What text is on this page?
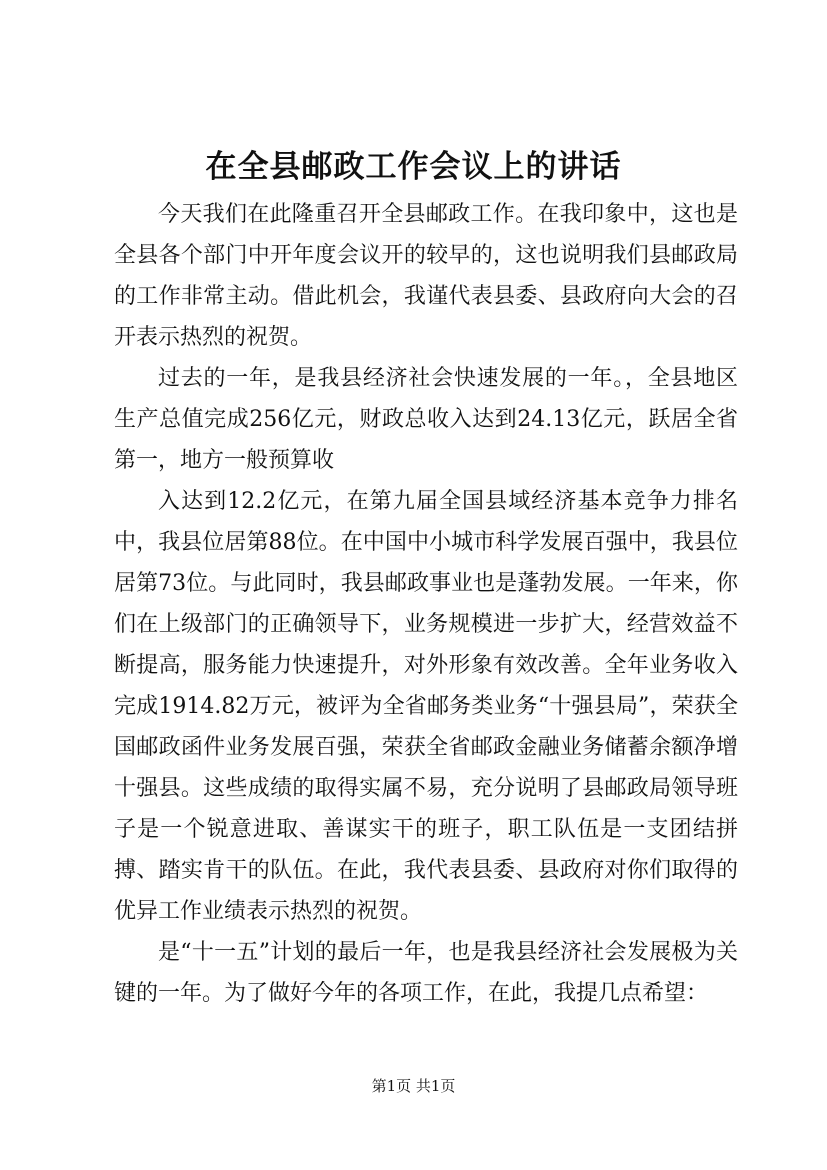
在全县邮政工作会议上的讲话

今天我们在此隆重召开全县邮政工作。在我印象中，这也是全县各个部门中开年度会议开的较早的，这也说明我们县邮政局的工作非常主动。借此机会，我谨代表县委、县政府向大会的召开表示热烈的祝贺。

过去的一年，是我县经济社会快速发展的一年。，全县地区生产总值完成256亿元，财政总收入达到24.13亿元，跃居全省第一，地方一般预算收

入达到12.2亿元，在第九届全国县域经济基本竞争力排名中，我县位居第88位。在中国中小城市科学发展百强中，我县位居第73位。与此同时，我县邮政事业也是蓬勃发展。一年来，你们在上级部门的正确领导下，业务规模进一步扩大，经营效益不断提高，服务能力快速提升，对外形象有效改善。全年业务收入完成1914.82万元，被评为全省邮务类业务“十强县局”，荣获全国邮政函件业务发展百强，荣获全省邮政金融业务储蓄余额净增十强县。这些成绩的取得实属不易，充分说明了县邮政局领导班子是一个锐意进取、善谋实干的班子，职工队伍是一支团结拼搏、踏实肯干的队伍。在此，我代表县委、县政府对你们取得的优异工作业绩表示热烈的祝贺。

是“十一五”计划的最后一年，也是我县经济社会发展极为关键的一年。为了做好今年的各项工作，在此，我提几点希望：

第1页 共1页
